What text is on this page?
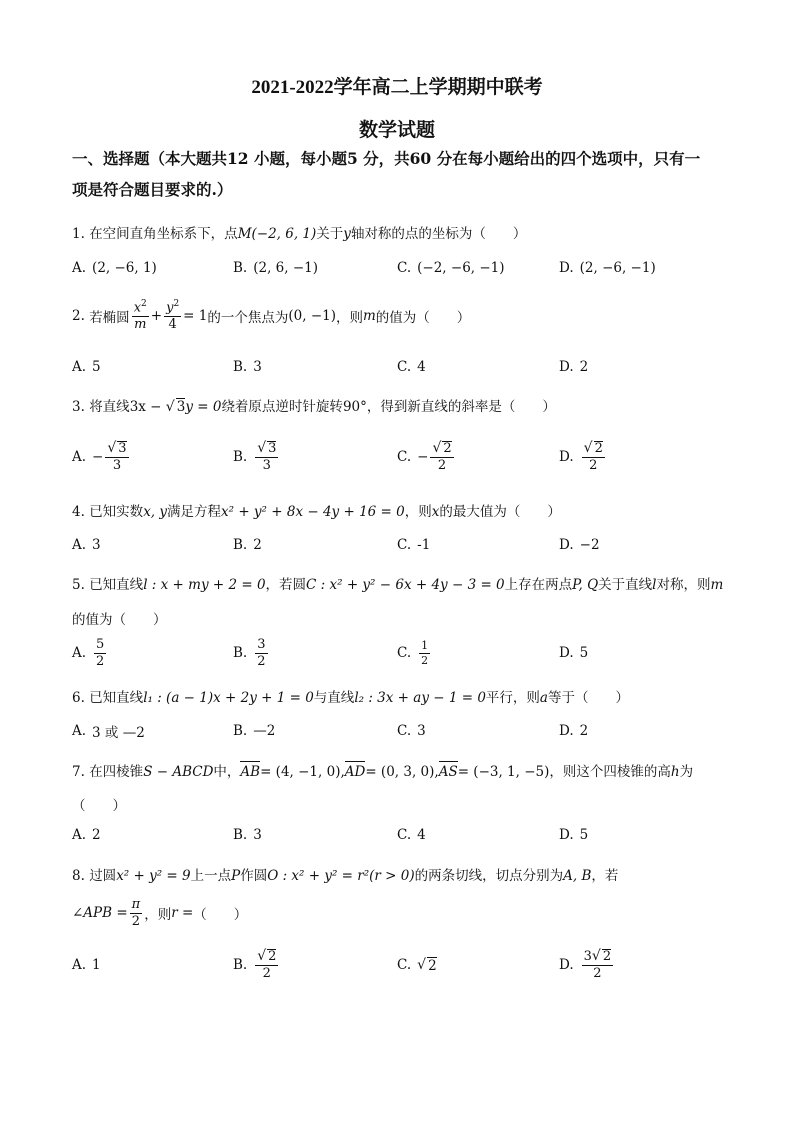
2021-2022学年高二上学期期中联考
数学试题
一、选择题（本大题共12 小题，每小题5 分，共60 分在每小题给出的四个选项中，只有一
项是符合题目要求的.）
1. 在空间直角坐标系下，点M(−2, 6, 1)关于y轴对称的点的坐标为（　　）
A. (2, −6, 1)	B. (2, 6, −1)	C. (−2, −6, −1)	D. (2, −6, −1)
2.
若椭圆 $\frac{x^2}{m} + \frac{y^2}{4} = 1$ 的一个焦点为 (0, −1) ，则 m 的值为（　　）
A. 5	B. 3	C. 4	D. 2
3. 将直线3x − √ 3y = 0绕着原点逆时针旋转90°，得到新直线的斜率是（　　）
A. − $\frac{√ 3}{3}$	B. $\frac{√ 3}{3}$	C. − $\frac{√ 2}{2}$	D. $\frac{√ 2}{2}$
4. 已知实数x, y满足方程x² + y² + 8x − 4y + 16 = 0，则x的最大值为（　　）
A. 3	B. 2	C. -1	D. −2
5. 已知直线l : x + my + 2 = 0，若圆C : x² + y² − 6x + 4y − 3 = 0上存在两点P, Q关于直线l对称，则m
的值为（　　）
A. $\frac{5}{2}$	B. $\frac{3}{2}$	C. $\frac{1}{2}$	D. 5
6. 已知直线l₁ : (a − 1)x + 2y + 1 = 0与直线l₂ : 3x + ay − 1 = 0平行，则a等于（　　）
A. 3 或 —2	B. —2	C. 3	D. 2
7. 在四棱锥S − ABCD中，AB= (4, −1, 0),AD= (0, 3, 0),AS= (−3, 1, −5)，则这个四棱锥的高h为
（　　）
A. 2	B. 3	C. 4	D. 5
8. 过圆x² + y² = 9上一点P作圆O : x² + y² = r²(r > 0)的两条切线，切点分别为A, B，若
∠APB = $\frac{\pi}{2}$ ，则 r = （　　）
A. 1	B. $\frac{√ 2}{2}$	C. √ 2	D. $\frac{3√ 2}{2}$
